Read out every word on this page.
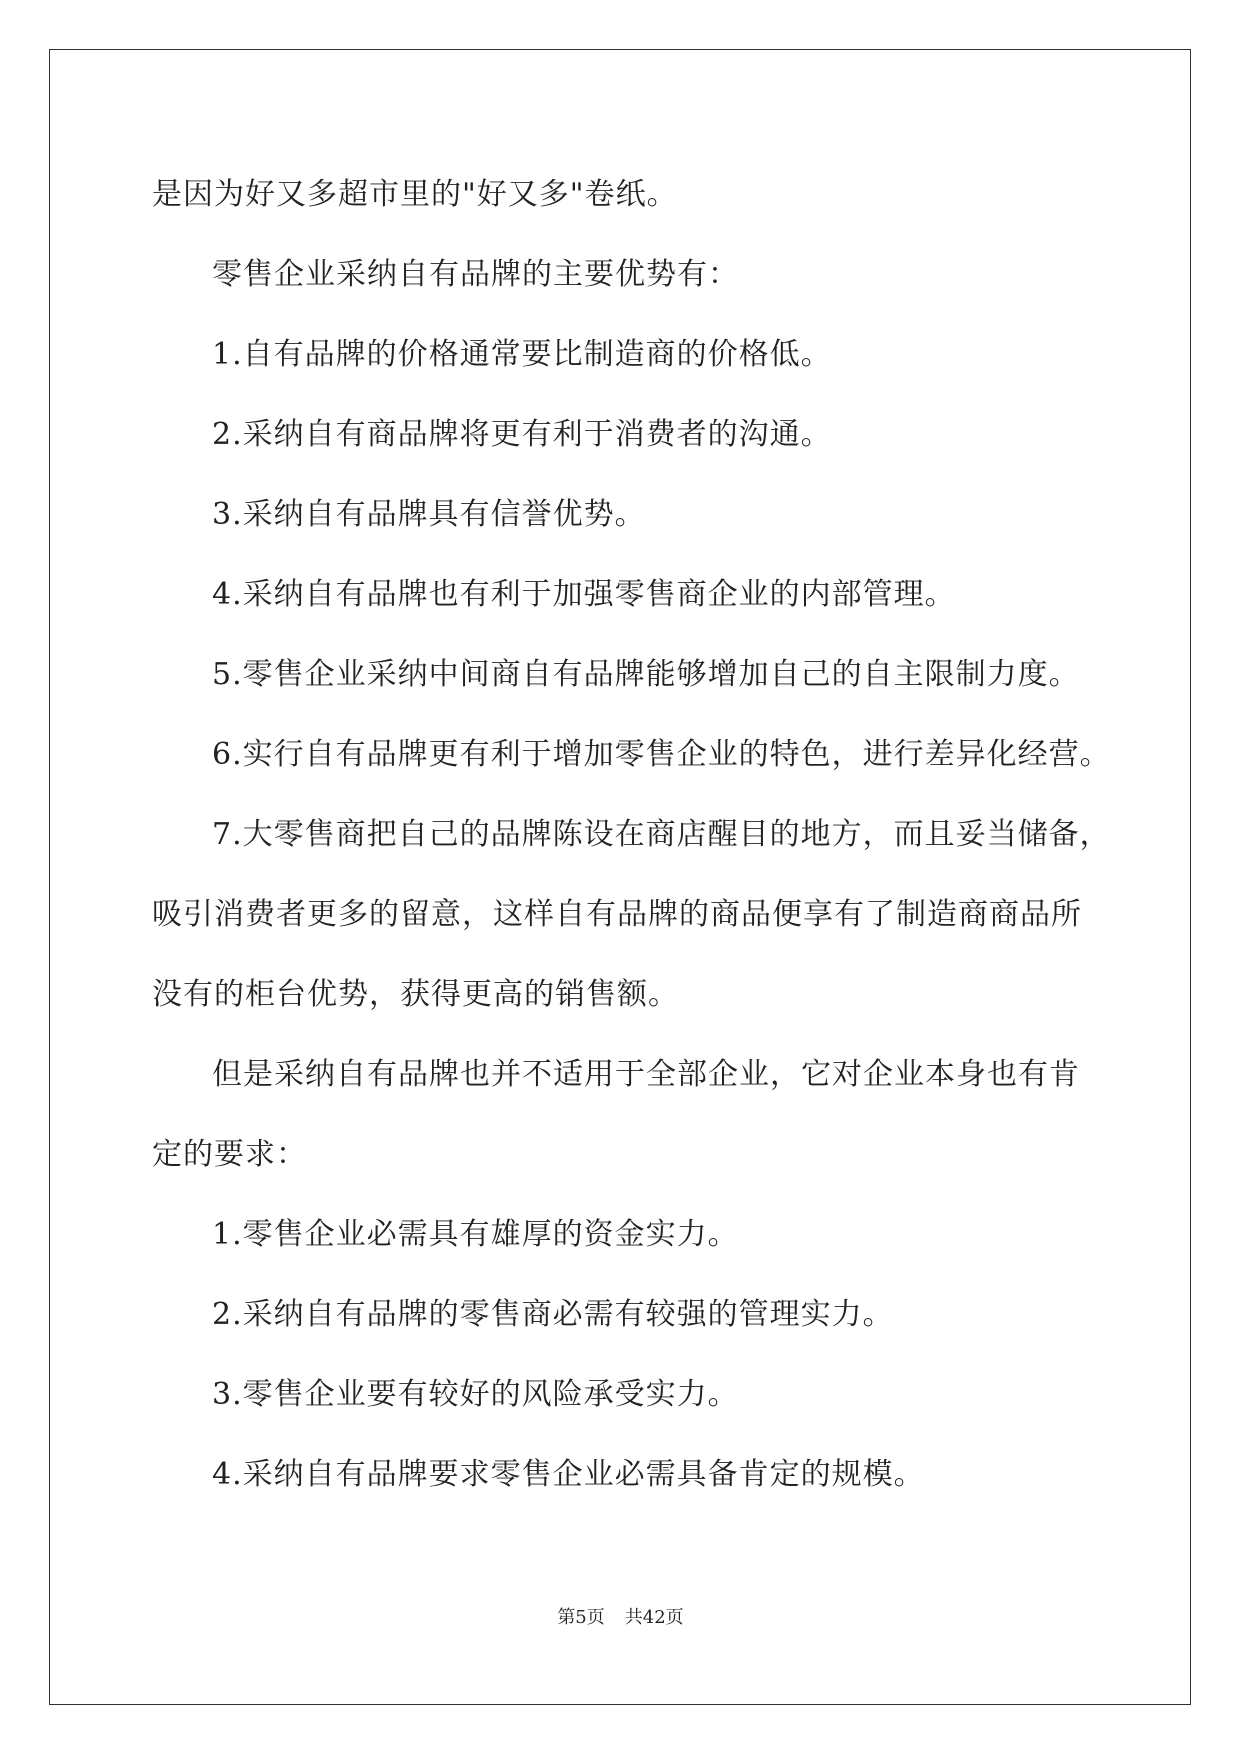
是因为好又多超市里的"好又多"卷纸。

零售企业采纳自有品牌的主要优势有：

1.自有品牌的价格通常要比制造商的价格低。

2.采纳自有商品牌将更有利于消费者的沟通。

3.采纳自有品牌具有信誉优势。

4.采纳自有品牌也有利于加强零售商企业的内部管理。

5.零售企业采纳中间商自有品牌能够增加自己的自主限制力度。

6.实行自有品牌更有利于增加零售企业的特色，进行差异化经营。

7.大零售商把自己的品牌陈设在商店醒目的地方，而且妥当储备，

吸引消费者更多的留意，这样自有品牌的商品便享有了制造商商品所

没有的柜台优势，获得更高的销售额。

但是采纳自有品牌也并不适用于全部企业，它对企业本身也有肯

定的要求：

1.零售企业必需具有雄厚的资金实力。

2.采纳自有品牌的零售商必需有较强的管理实力。

3.零售企业要有较好的风险承受实力。

4.采纳自有品牌要求零售企业必需具备肯定的规模。

第5页 共42页
